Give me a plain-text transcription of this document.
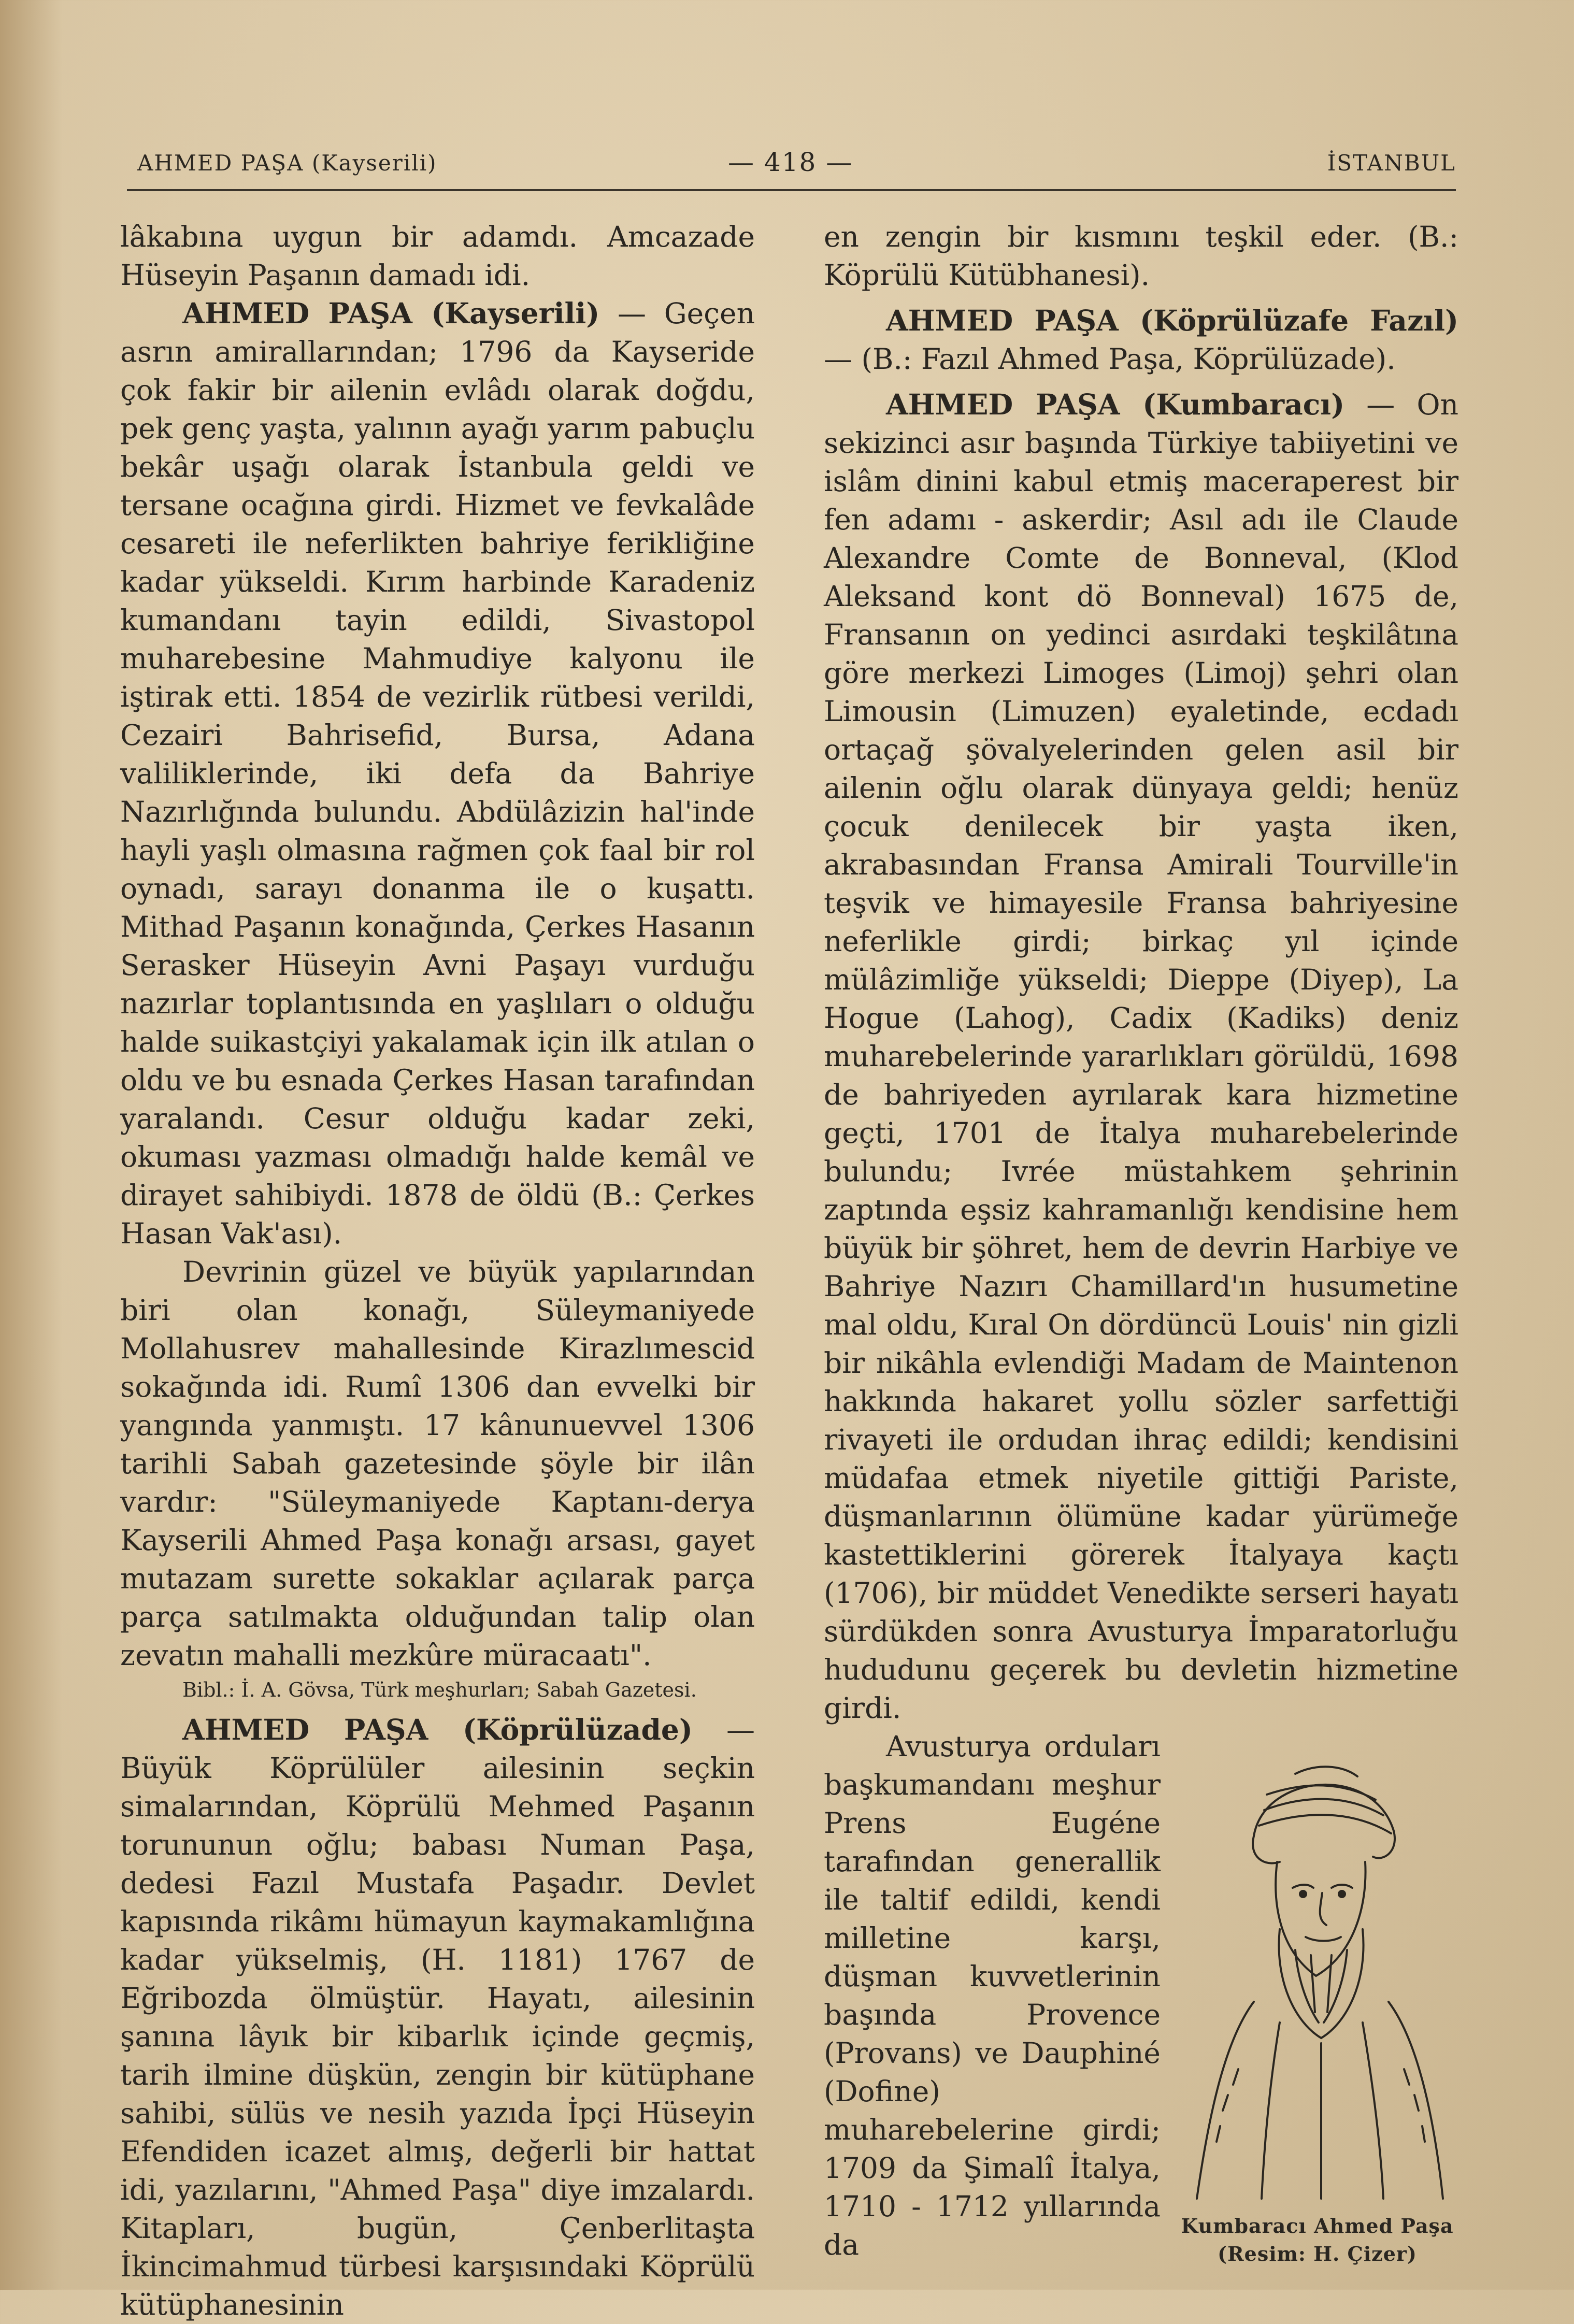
AHMED PAŞA (Kayserili)	— 418 —	İSTANBUL

lâkabına uygun bir adamdı. Amcazade Hüseyin Paşanın damadı idi.

AHMED PAŞA (Kayserili) — Geçen asrın amirallarından; 1796 da Kayseride çok fakir bir ailenin evlâdı olarak doğdu, pek genç yaşta, yalının ayağı yarım pabuçlu bekâr uşağı olarak İstanbula geldi ve tersane ocağına girdi. Hizmet ve fevkalâde cesareti ile neferlikten bahriye ferikliğine kadar yükseldi. Kırım harbinde Karadeniz kumandanı tayin edildi, Sivastopol muharebesine Mahmudiye kalyonu ile iştirak etti. 1854 de vezirlik rütbesi verildi, Cezairi Bahrisefid, Bursa, Adana valiliklerinde, iki defa da Bahriye Nazırlığında bulundu. Abdülâzizin hal'inde hayli yaşlı olmasına rağmen çok faal bir rol oynadı, sarayı donanma ile o kuşattı. Mithad Paşanın konağında, Çerkes Hasanın Serasker Hüseyin Avni Paşayı vurduğu nazırlar toplantısında en yaşlıları o olduğu halde suikastçiyi yakalamak için ilk atılan o oldu ve bu esnada Çerkes Hasan tarafından yaralandı. Cesur olduğu kadar zeki, okuması yazması olmadığı halde kemâl ve dirayet sahibiydi. 1878 de öldü (B.: Çerkes Hasan Vak'ası).

Devrinin güzel ve büyük yapılarından biri olan konağı, Süleymaniyede Mollahusrev mahallesinde Kirazlımescid sokağında idi. Rumî 1306 dan evvelki bir yangında yanmıştı. 17 kânunuevvel 1306 tarihli Sabah gazetesinde şöyle bir ilân vardır: "Süleymaniyede Kaptanı-derya Kayserili Ahmed Paşa konağı arsası, gayet mutazam surette sokaklar açılarak parça parça satılmakta olduğundan talip olan zevatın mahalli mezkûre müracaatı".

Bibl.: İ. A. Gövsa, Türk meşhurları; Sabah Gazetesi.

AHMED PAŞA (Köprülüzade) — Büyük Köprülüler ailesinin seçkin simalarından, Köprülü Mehmed Paşanın torununun oğlu; babası Numan Paşa, dedesi Fazıl Mustafa Paşadır. Devlet kapısında rikâmı hümayun kaymakamlığına kadar yükselmiş, (H. 1181) 1767 de Eğribozda ölmüştür. Hayatı, ailesinin şanına lâyık bir kibarlık içinde geçmiş, tarih ilmine düşkün, zengin bir kütüphane sahibi, sülüs ve nesih yazıda İpçi Hüseyin Efendiden icazet almış, değerli bir hattat idi, yazılarını, "Ahmed Paşa" diye imzalardı. Kitapları, bugün, Çenberlitaşta İkincimahmud türbesi karşısındaki Köprülü kütüphanesinin

en zengin bir kısmını teşkil eder. (B.: Köprülü Kütübhanesi).

AHMED PAŞA (Köprülüzafe Fazıl) — (B.: Fazıl Ahmed Paşa, Köprülüzade).

AHMED PAŞA (Kumbaracı) — On sekizinci asır başında Türkiye tabiiyetini ve islâm dinini kabul etmiş maceraperest bir fen adamı - askerdir; Asıl adı ile Claude Alexandre Comte de Bonneval, (Klod Aleksand kont dö Bonneval) 1675 de, Fransanın on yedinci asırdaki teşkilâtına göre merkezi Limoges (Limoj) şehri olan Limousin (Limuzen) eyaletinde, ecdadı ortaçağ şövalyelerinden gelen asil bir ailenin oğlu olarak dünyaya geldi; henüz çocuk denilecek bir yaşta iken, akrabasından Fransa Amirali Tourville'in teşvik ve himayesile Fransa bahriyesine neferlikle girdi; birkaç yıl içinde mülâzimliğe yükseldi; Dieppe (Diyep), La Hogue (Lahog), Cadix (Kadiks) deniz muharebelerinde yararlıkları görüldü, 1698 de bahriyeden ayrılarak kara hizmetine geçti, 1701 de İtalya muharebelerinde bulundu; Ivrée müstahkem şehrinin zaptında eşsiz kahramanlığı kendisine hem büyük bir şöhret, hem de devrin Harbiye ve Bahriye Nazırı Chamillard'ın husumetine mal oldu, Kıral On dördüncü Louis' nin gizli bir nikâhla evlendiği Madam de Maintenon hakkında hakaret yollu sözler sarfettiği rivayeti ile ordudan ihraç edildi; kendisini müdafaa etmek niyetile gittiği Pariste, düşmanlarının ölümüne kadar yürümeğe kastettiklerini görerek İtalyaya kaçtı (1706), bir müddet Venedikte serseri hayatı sürdükden sonra Avusturya İmparatorluğu hududunu geçerek bu devletin hizmetine girdi.

Kumbaracı Ahmed Paşa
(Resim: H. Çizer)

Avusturya orduları başkumandanı meşhur Prens Eugéne tarafından generallik ile taltif edildi, kendi milletine karşı, düşman kuvvetlerinin başında Provence (Provans) ve Dauphiné (Dofine) muharebelerine girdi; 1709 da Şimalî İtalya, 1710 - 1712 yıllarında da
